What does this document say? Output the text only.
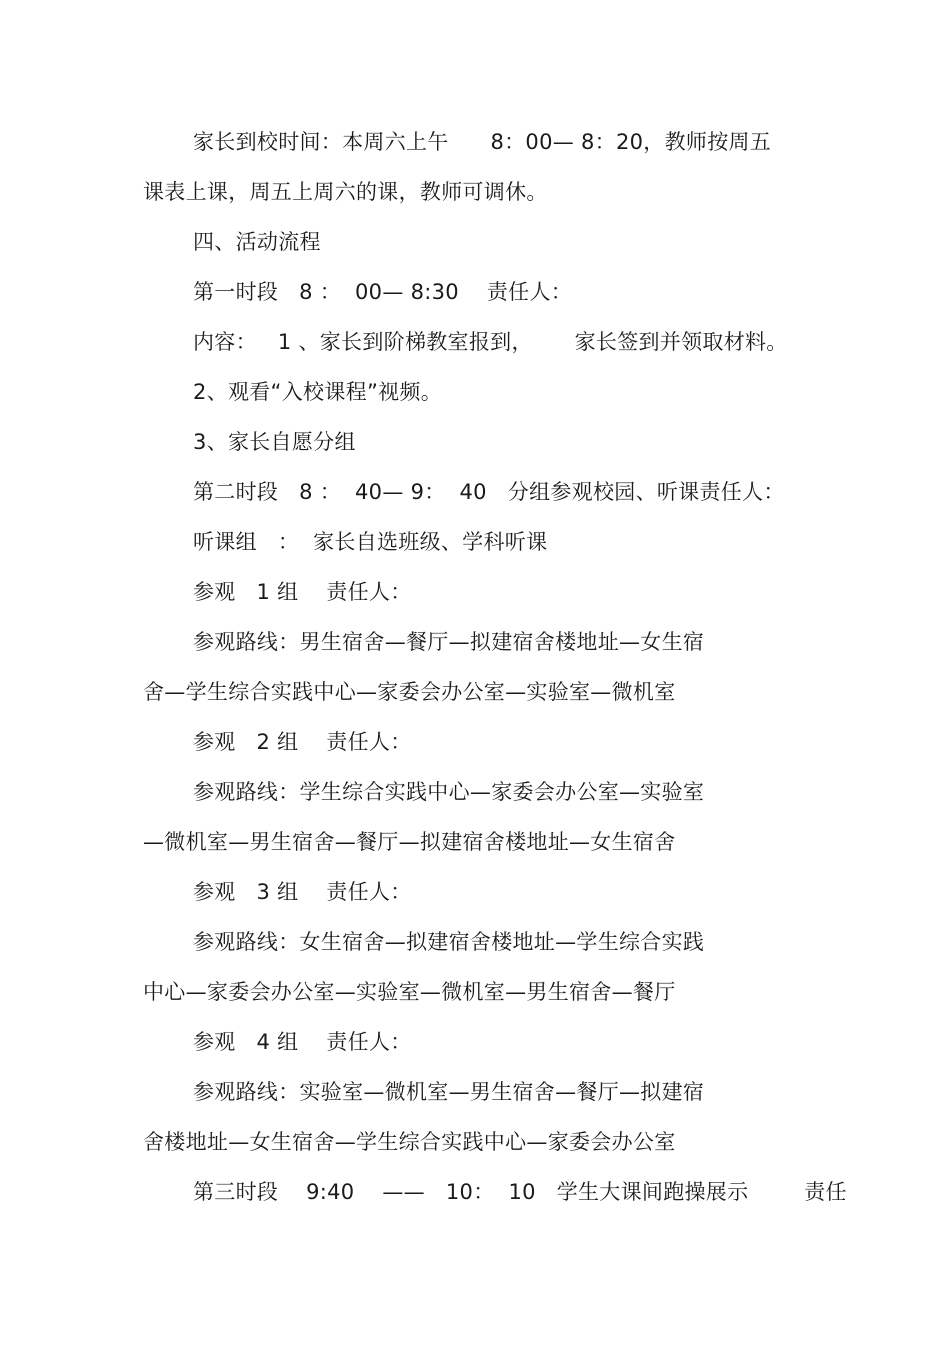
家长到校时间：本周六上午      8：00— 8：20，教师按周五
课表上课，周五上周六的课，教师可调休。
四、活动流程
第一时段   8 ：  00— 8:30    责任人：
内容：   1 、家长到阶梯教室报到，      家长签到并领取材料。
2、观看“入校课程”视频。
3、家长自愿分组
第二时段   8 ：  40— 9：  40   分组参观校园、听课责任人：
听课组   ：  家长自选班级、学科听课
参观   1 组    责任人：
参观路线：男生宿舍—餐厅—拟建宿舍楼地址—女生宿
舍—学生综合实践中心—家委会办公室—实验室—微机室
参观   2 组    责任人：
参观路线：学生综合实践中心—家委会办公室—实验室
—微机室—男生宿舍—餐厅—拟建宿舍楼地址—女生宿舍
参观   3 组    责任人：
参观路线：女生宿舍—拟建宿舍楼地址—学生综合实践
中心—家委会办公室—实验室—微机室—男生宿舍—餐厅
参观   4 组    责任人：
参观路线：实验室—微机室—男生宿舍—餐厅—拟建宿
舍楼地址—女生宿舍—学生综合实践中心—家委会办公室
第三时段    9:40    ——   10：  10   学生大课间跑操展示        责任
